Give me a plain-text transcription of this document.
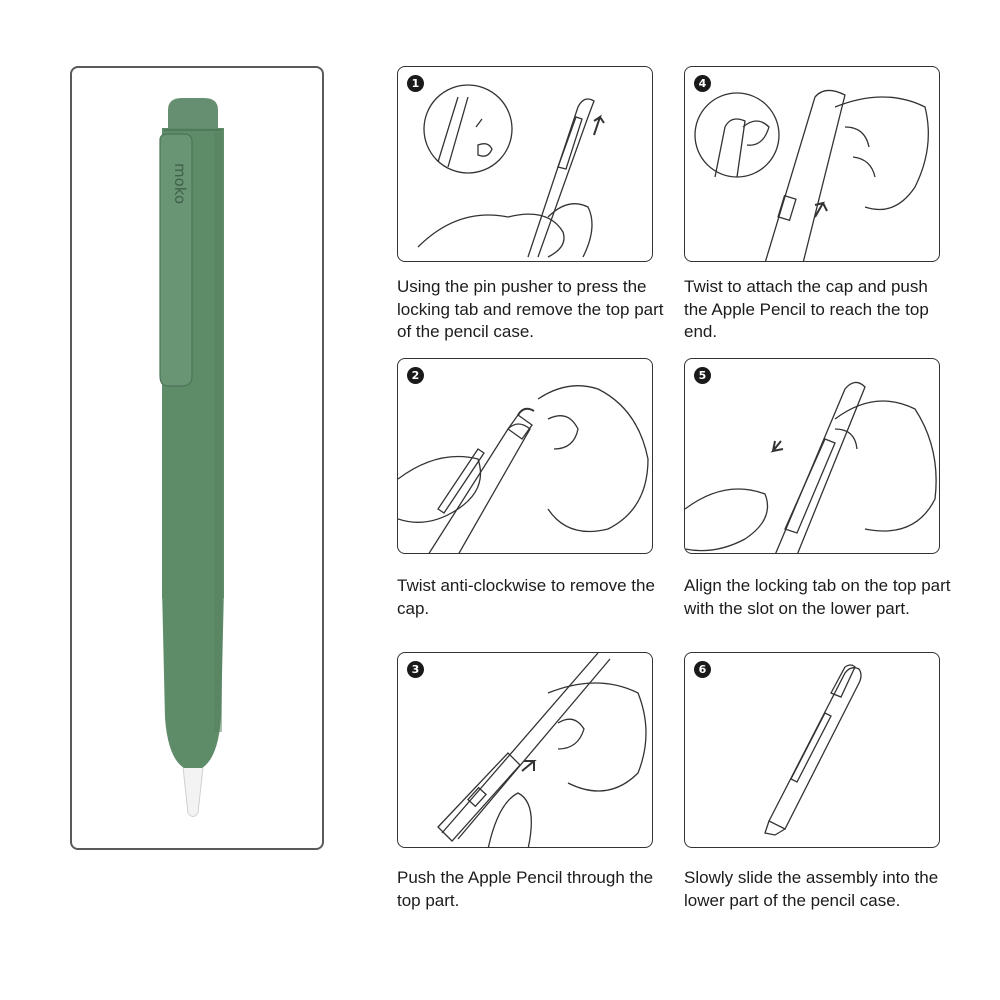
moko
1
Using the pin pusher to press the locking tab and remove the top part of the pencil case.
4
Twist to attach the cap and push the Apple Pencil to reach the top end.
2
Twist anti-clockwise to remove the cap.
5
Align the locking tab on the top part with the slot on the lower part.
3
Push the Apple Pencil through the top part.
6
Slowly slide the assembly into the lower part of the pencil case.
